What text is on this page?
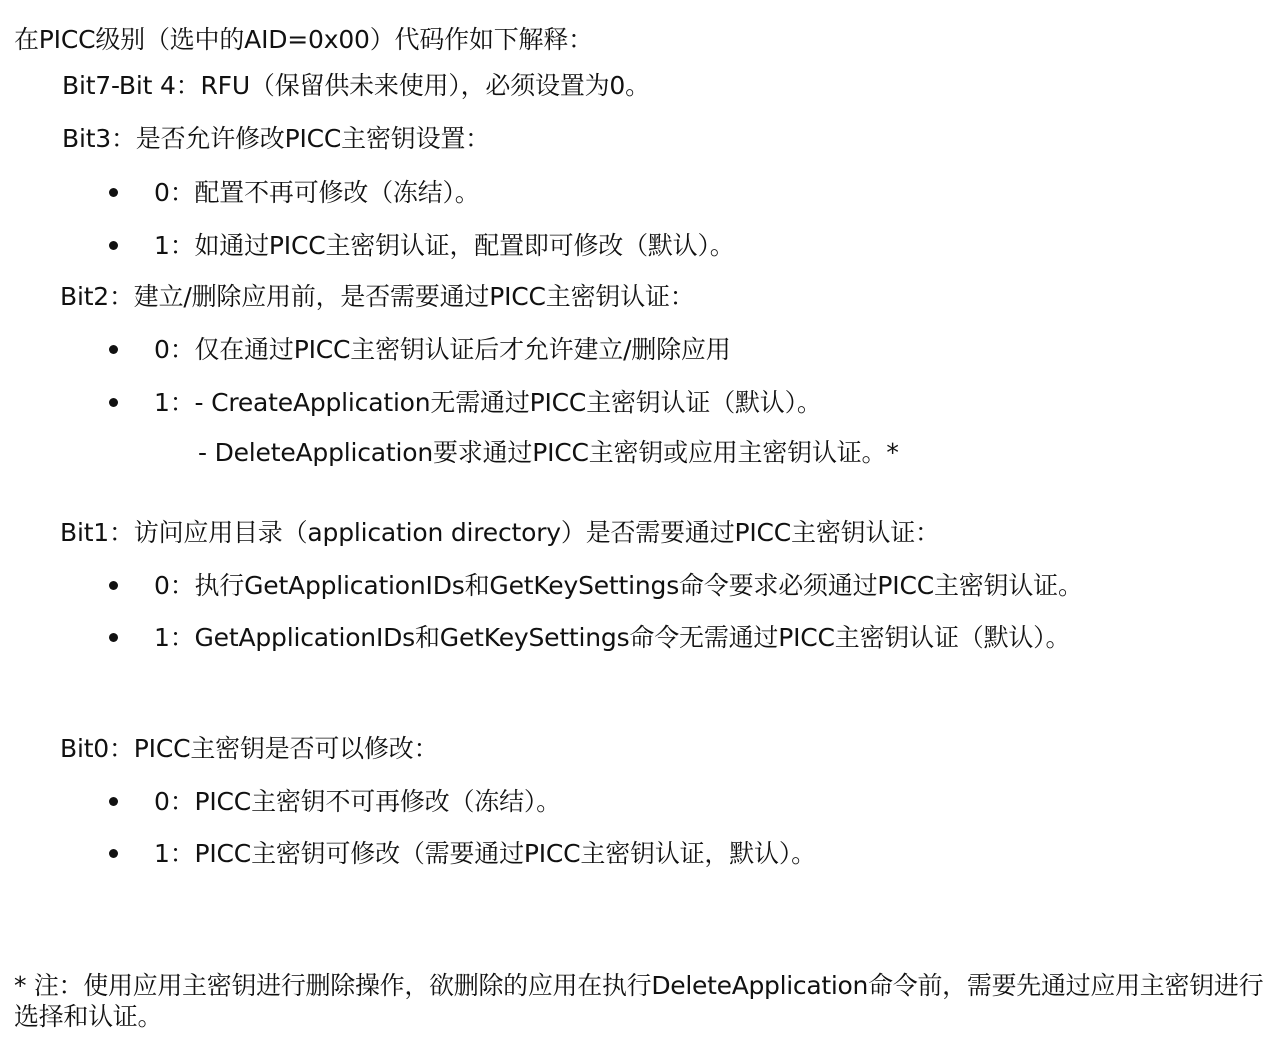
在PICC级别（选中的AID=0x00）代码作如下解释：
Bit7-Bit 4：RFU（保留供未来使用），必须设置为0。
Bit3：是否允许修改PICC主密钥设置：
0：配置不再可修改（冻结）。
1：如通过PICC主密钥认证，配置即可修改（默认）。
Bit2：建立/删除应用前，是否需要通过PICC主密钥认证：
0：仅在通过PICC主密钥认证后才允许建立/删除应用
1：- CreateApplication无需通过PICC主密钥认证（默认）。
- DeleteApplication要求通过PICC主密钥或应用主密钥认证。*
Bit1：访问应用目录（application directory）是否需要通过PICC主密钥认证：
0：执行GetApplicationIDs和GetKeySettings命令要求必须通过PICC主密钥认证。
1：GetApplicationIDs和GetKeySettings命令无需通过PICC主密钥认证（默认）。
Bit0：PICC主密钥是否可以修改：
0：PICC主密钥不可再修改（冻结）。
1：PICC主密钥可修改（需要通过PICC主密钥认证，默认）。
* 注：使用应用主密钥进行删除操作，欲删除的应用在执行DeleteApplication命令前，需要先通过应用主密钥进行选择和认证。
